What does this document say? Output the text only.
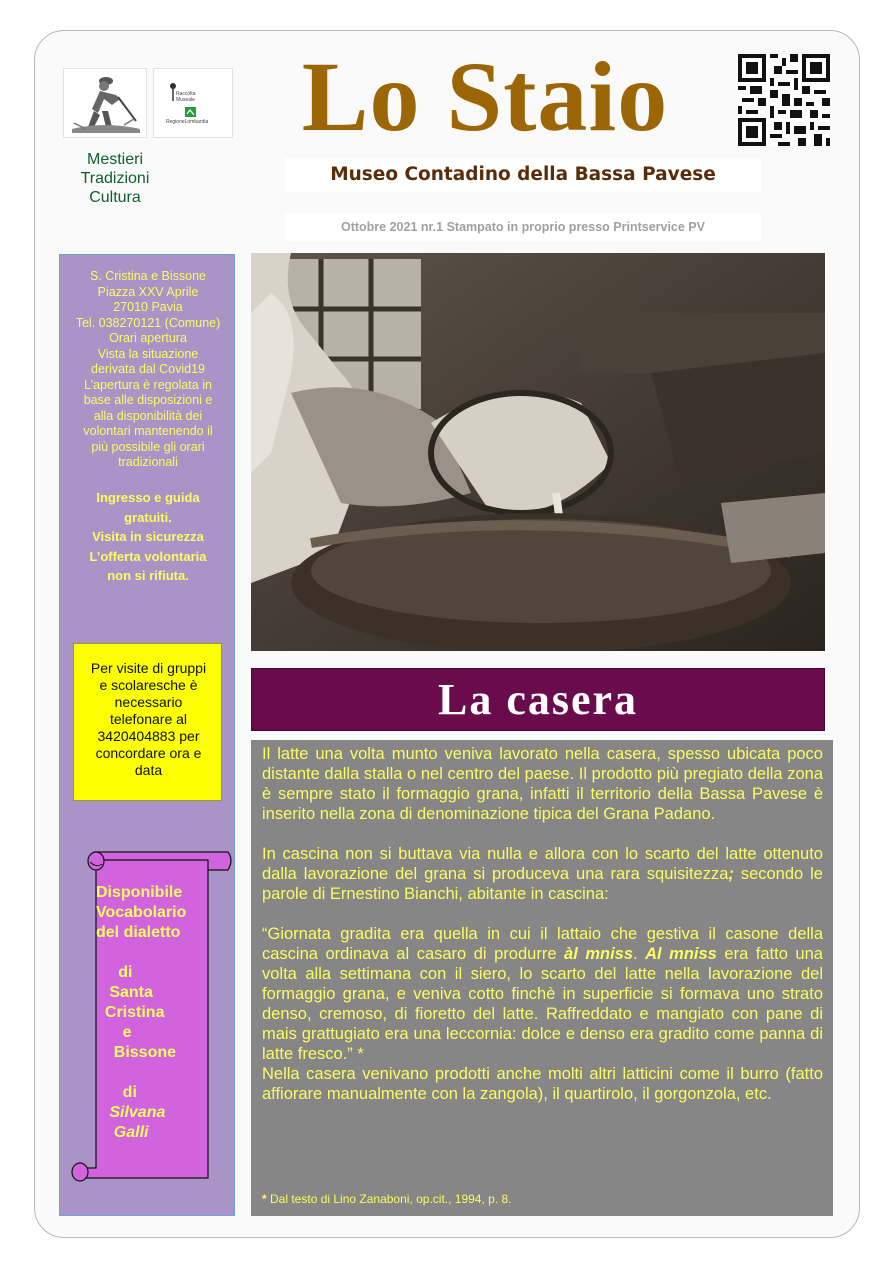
Raccolta
Museale
RegioneLombardia
Mestieri Tradizioni
Cultura
Lo Staio
Museo Contadino della Bassa Pavese
Ottobre 2021 nr.1 Stampato in proprio presso Printservice PV
S. Cristina e Bissone
Piazza XXV Aprile
27010 Pavia
Tel. 038270121 (Comune)
Orari apertura
Vista la situazione
derivata dal Covid19
L’apertura è regolata in
base alle disposizioni e
alla disponibilità dei
volontari mantenendo il
più possibile gli orari
tradizionali
Ingresso e guida
gratuiti.
Visita in sicurezza
L’offerta volontaria
non si rifiuta.
Per visite di gruppi
e scolaresche è
necessario
telefonare al
3420404883 per
concordare ora e
data
Disponibile
Vocabolario
del dialetto
di
Santa
Cristina
e
Bissone
di
Silvana
Galli
La casera

Il latte una volta munto veniva lavorato nella casera, spesso ubicata poco distante dalla stalla o nel centro del paese. Il prodotto più pregiato della zona è sempre stato il formaggio grana, infatti il territorio della Bassa Pavese è inserito nella zona di denominazione tipica del Grana Padano.

In cascina non si buttava via nulla e allora con lo scarto del latte ottenuto dalla lavorazione del grana si produceva una rara squisitezza; secondo le parole di Ernestino Bianchi, abitante in cascina:

“Giornata gradita era quella in cui il lattaio che gestiva il casone della cascina ordinava al casaro di produrre àl mniss. Al mniss era fatto una volta alla settimana con il siero, lo scarto del latte nella lavorazione del formaggio grana, e veniva cotto finchè in superficie si formava uno strato denso, cremoso, di fioretto del latte. Raffreddato e mangiato con pane di mais grattugiato era una leccornia: dolce e denso era gradito come panna di latte fresco.” *

Nella casera venivano prodotti anche molti altri latticini come il burro (fatto affiorare manualmente con la zangola), il quartirolo, il gorgonzola, etc.

* Dal testo di Lino Zanaboni, op.cit., 1994, p. 8.
